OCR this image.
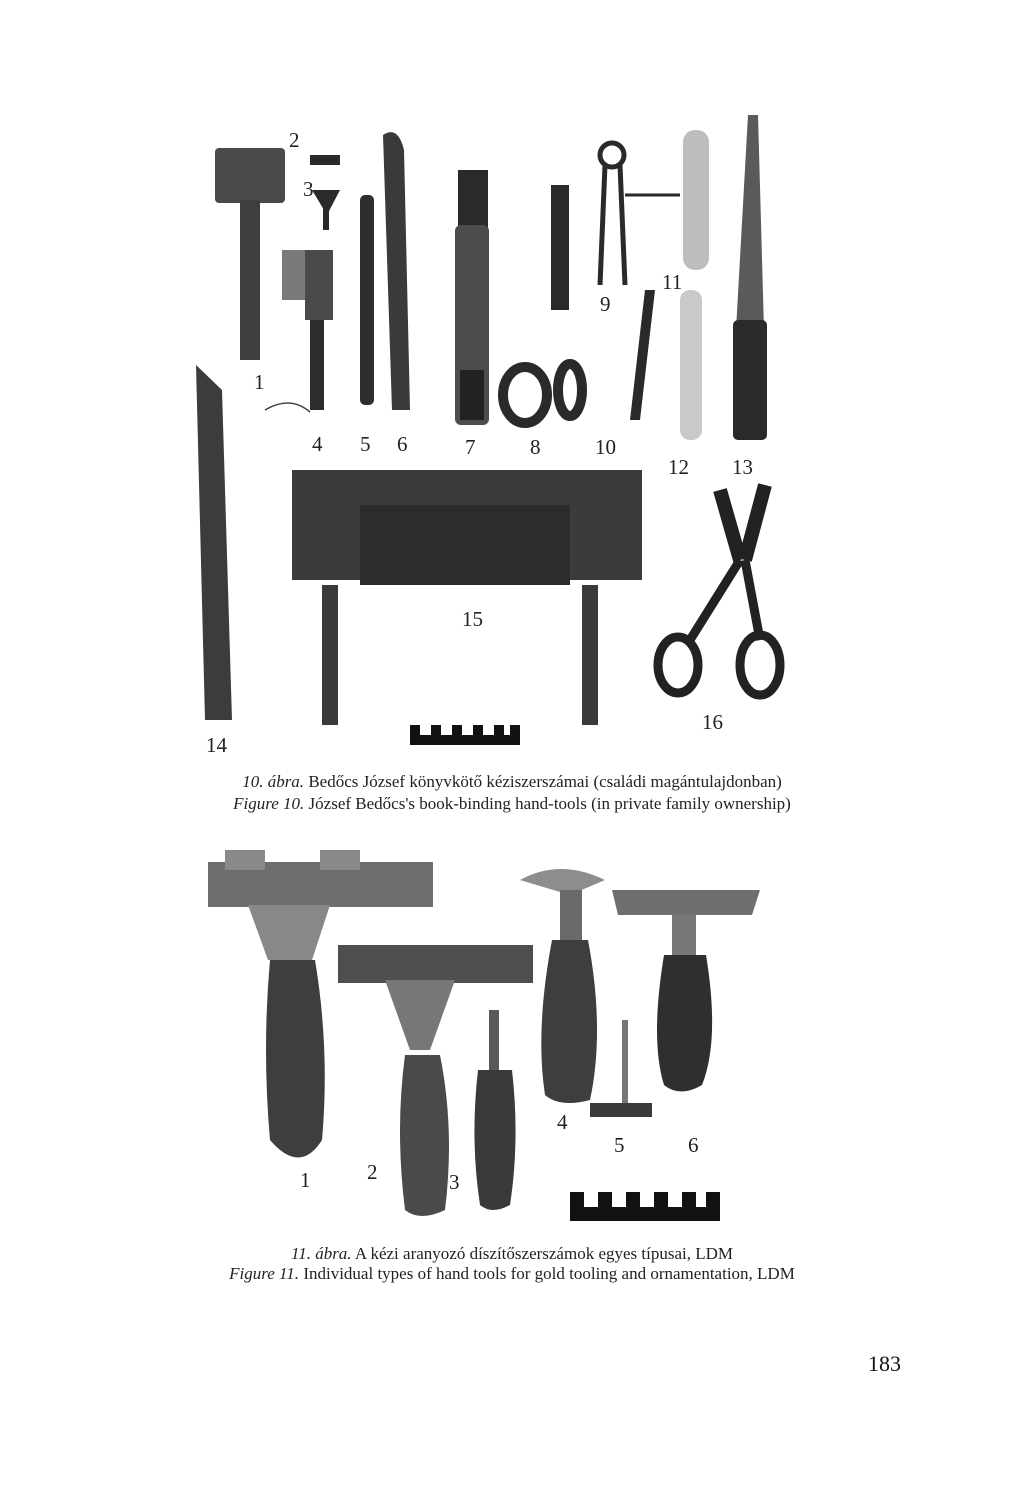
1
2
3
4 5 6	7	8
9
10
11
12 13
14
15
16
10. ábra. Bedőcs József könyvkötő kéziszerszámai (családi magántulajdonban)
Figure 10. József Bedőcs's book-binding hand-tools (in private family ownership)
1	2	3
4
5	6
11. ábra. A kézi aranyozó díszítőszerszámok egyes típusai, LDM
Figure 11. Individual types of hand tools for gold tooling and ornamentation, LDM
183
